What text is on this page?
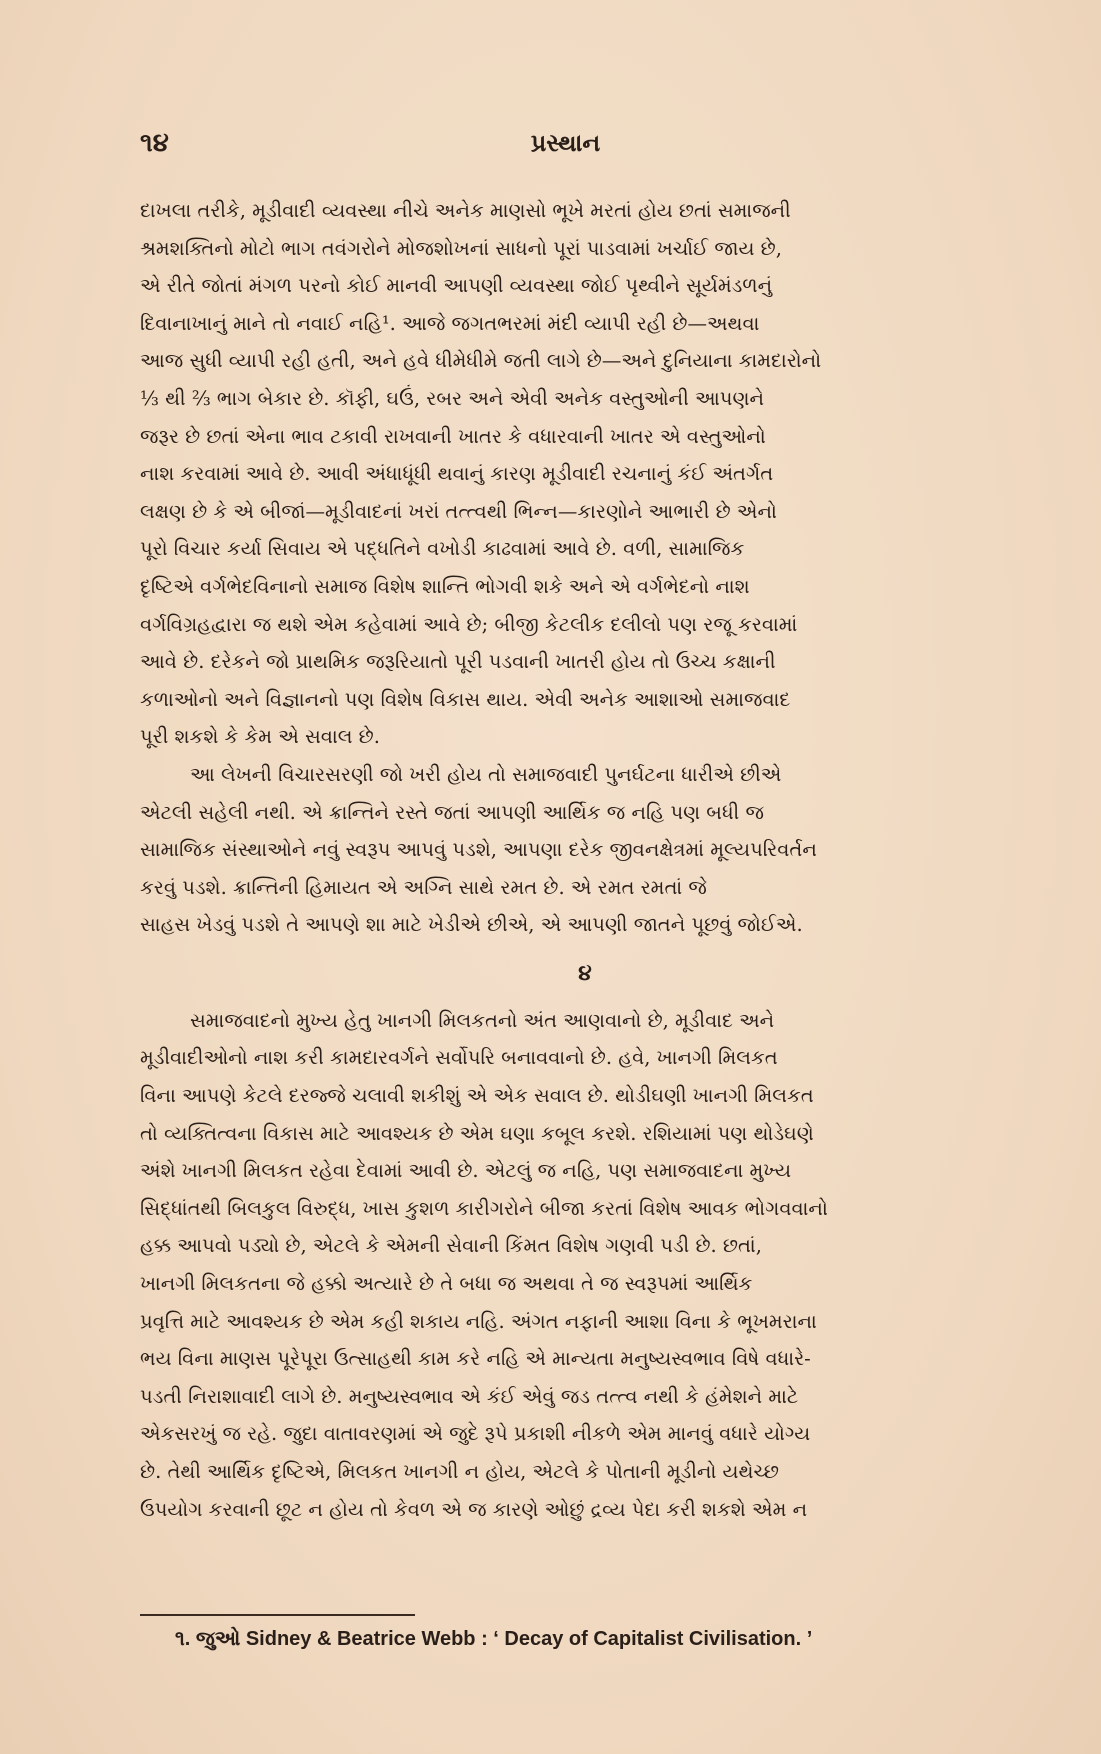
૧૪	પ્રસ્થાન

દાખલા તરીકે, મૂડીવાદી વ્યવસ્થા નીચે અનેક માણસો ભૂખે મરતાં હોય છતાં સમાજની
શ્રમશક્તિનો મોટો ભાગ તવંગરોને મોજશોખનાં સાધનો પૂરાં પાડવામાં ખર્ચાઈ જાય છે,
એ રીતે જોતાં મંગળ પરનો કોઈ માનવી આપણી વ્યવસ્થા જોઈ પૃથ્વીને સૂર્યમંડળનું
દિવાનાખાનું માને તો નવાઈ નહિ¹. આજે જગતભરમાં મંદી વ્યાપી રહી છે—અથવા
આજ સુધી વ્યાપી રહી હતી, અને હવે ધીમેધીમે જતી લાગે છે—અને દુનિયાના કામદારોનો
⅓ થી ⅔ ભાગ બેકાર છે. કૉફી, ઘઉં, રબર અને એવી અનેક વસ્તુઓની આપણને
જરૂર છે છતાં એના ભાવ ટકાવી રાખવાની ખાતર કે વધારવાની ખાતર એ વસ્તુઓનો
નાશ કરવામાં આવે છે. આવી અંધાધૂંધી થવાનું કારણ મૂડીવાદી રચનાનું કંઈ અંતર્ગત
લક્ષણ છે કે એ બીજાં—મૂડીવાદનાં ખરાં તત્ત્વથી ભિન્ન—કારણોને આભારી છે એનો
પૂરો વિચાર કર્યા સિવાય એ પદ્ધતિને વખોડી કાઢવામાં આવે છે. વળી, સામાજિક
દૃષ્ટિએ વર્ગભેદવિનાનો સમાજ વિશેષ શાન્તિ ભોગવી શકે અને એ વર્ગભેદનો નાશ
વર્ગવિગ્રહદ્વારા જ થશે એમ કહેવામાં આવે છે; બીજી કેટલીક દલીલો પણ રજૂ કરવામાં
આવે છે. દરેકને જો પ્રાથમિક જરૂરિયાતો પૂરી પડવાની ખાતરી હોય તો ઉચ્ચ કક્ષાની
કળાઓનો અને વિજ્ઞાનનો પણ વિશેષ વિકાસ થાય. એવી અનેક આશાઓ સમાજવાદ
પૂરી શકશે કે કેમ એ સવાલ છે.

આ લેખની વિચારસરણી જો ખરી હોય તો સમાજવાદી પુનર્ઘટના ધારીએ છીએ
એટલી સહેલી નથી. એ ક્રાન્તિને રસ્તે જતાં આપણી આર્થિક જ નહિ પણ બધી જ
સામાજિક સંસ્થાઓને નવું સ્વરૂપ આપવું પડશે, આપણા દરેક જીવનક્ષેત્રમાં મૂલ્યપરિવર્તન
કરવું પડશે. ક્રાન્તિની હિમાયત એ અગ્નિ સાથે રમત છે. એ રમત રમતાં જે
સાહસ ખેડવું પડશે તે આપણે શા માટે ખેડીએ છીએ, એ આપણી જાતને પૂછવું જોઈએ.

૪

સમાજવાદનો મુખ્ય હેતુ ખાનગી મિલકતનો અંત આણવાનો છે, મૂડીવાદ અને
મૂડીવાદીઓનો નાશ કરી કામદારવર્ગને સર્વોપરિ બનાવવાનો છે. હવે, ખાનગી મિલકત
વિના આપણે કેટલે દરજ્જે ચલાવી શકીશું એ એક સવાલ છે. થોડીઘણી ખાનગી મિલકત
તો વ્યક્તિત્વના વિકાસ માટે આવશ્યક છે એમ ઘણા કબૂલ કરશે. રશિયામાં પણ થોડેઘણે
અંશે ખાનગી મિલકત રહેવા દેવામાં આવી છે. એટલું જ નહિ, પણ સમાજવાદના મુખ્ય
સિદ્ધાંતથી બિલકુલ વિરુદ્ધ, ખાસ કુશળ કારીગરોને બીજા કરતાં વિશેષ આવક ભોગવવાનો
હક્ક આપવો પડ્યો છે, એટલે કે એમની સેવાની કિંમત વિશેષ ગણવી પડી છે. છતાં,
ખાનગી મિલકતના જે હક્કો અત્યારે છે તે બધા જ અથવા તે જ સ્વરૂપમાં આર્થિક
પ્રવૃત્તિ માટે આવશ્યક છે એમ કહી શકાય નહિ. અંગત નફાની આશા વિના કે ભૂખમરાના
ભય વિના માણસ પૂરેપૂરા ઉત્સાહથી કામ કરે નહિ એ માન્યતા મનુષ્યસ્વભાવ વિષે વધારે-
પડતી નિરાશાવાદી લાગે છે. મનુષ્યસ્વભાવ એ કંઈ એવું જડ તત્ત્વ નથી કે હંમેશને માટે
એકસરખું જ રહે. જુદા વાતાવરણમાં એ જુદે રૂપે પ્રકાશી નીકળે એમ માનવું વધારે યોગ્ય
છે. તેથી આર્થિક દૃષ્ટિએ, મિલકત ખાનગી ન હોય, એટલે કે પોતાની મૂડીનો યથેચ્છ
ઉપયોગ કરવાની છૂટ ન હોય તો કેવળ એ જ કારણે ઓછું દ્રવ્ય પેદા કરી શકશે એમ ન

૧. જુઓ Sidney & Beatrice Webb : ‘ Decay of Capitalist Civilisation. ’
